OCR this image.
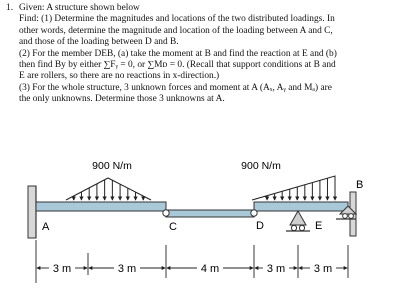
1. Given: A structure shown below
Find: (1) Determine the magnitudes and locations of the two distributed loadings. In
other words, determine the magnitude and location of the loading between A and C,
and those of the loading between D and B.
(2) For the member DEB, (a) take the moment at B and find the reaction at E and (b)
then find By by either ∑Fᵧ = 0, or ∑Mᴅ = 0. (Recall that support conditions at B and
E are rollers, so there are no reactions in x-direction.)
(3) For the whole structure, 3 unknown forces and moment at A (Aₓ, Aᵧ and Mₐ) are
the only unknowns. Determine those 3 unknowns at A.
900 N/m	900 N/m
A	C	D	E
B
3 m	3 m	4 m	3 m	3 m
